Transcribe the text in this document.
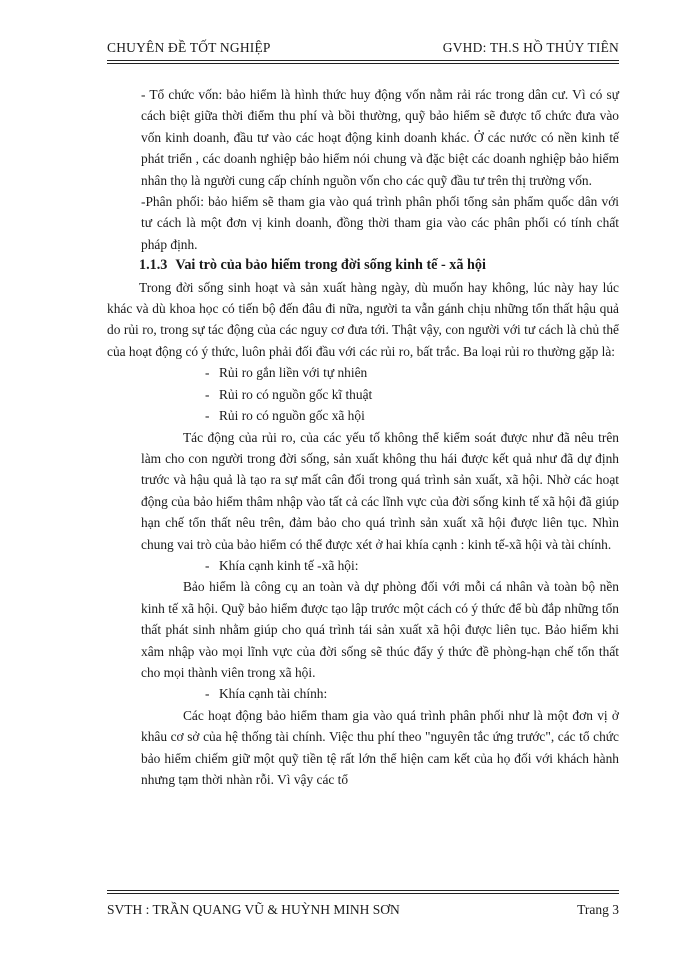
CHUYÊN ĐỀ TỐT NGHIỆP	GVHD: TH.S HỒ THỦY TIÊN

- Tổ chức vốn: bảo hiểm là hình thức huy động vốn nằm rải rác trong dân cư. Vì có sự cách biệt giữa thời điểm thu phí và bồi thường, quỹ bảo hiểm sẽ được tổ chức đưa vào vốn kinh doanh, đầu tư vào các hoạt động kinh doanh khác. Ở các nước có nền kinh tế phát triển , các doanh nghiệp bảo hiểm nói chung và đặc biệt các doanh nghiệp bảo hiểm nhân thọ là người cung cấp chính nguồn vốn cho các quỹ đầu tư trên thị trường vốn.

-Phân phối: bảo hiểm sẽ tham gia vào quá trình phân phối tổng sản phẩm quốc dân với tư cách là một đơn vị kinh doanh, đồng thời tham gia vào các phân phối có tính chất pháp định.

1.1.3 Vai trò của bảo hiểm trong đời sống kinh tế - xã hội

Trong đời sống sinh hoạt và sản xuất hàng ngày, dù muốn hay không, lúc này hay lúc khác và dù khoa học có tiến bộ đến đâu đi nữa, người ta vẫn gánh chịu những tổn thất hậu quả do rủi ro, trong sự tác động của các nguy cơ đưa tới. Thật vậy, con người với tư cách là chủ thể của hoạt động có ý thức, luôn phải đối đầu với các rủi ro, bất trắc. Ba loại rủi ro thường gặp là:

- Rủi ro gắn liền với tự nhiên
- Rủi ro có nguồn gốc kĩ thuật
- Rủi ro có nguồn gốc xã hội

Tác động của rủi ro, của các yếu tố không thể kiểm soát được như đã nêu trên làm cho con người trong đời sống, sản xuất không thu hái được kết quả như đã dự định trước và hậu quả là tạo ra sự mất cân đối trong quá trình sản xuất, xã hội. Nhờ các hoạt động của bảo hiểm thâm nhập vào tất cả các lĩnh vực của đời sống kinh tế xã hội đã giúp hạn chế tổn thất nêu trên, đảm bảo cho quá trình sản xuất xã hội được liên tục. Nhìn chung vai trò của bảo hiểm có thể được xét ở hai khía cạnh : kinh tế-xã hội và tài chính.

- Khía cạnh kinh tế -xã hội:

Bảo hiểm là công cụ an toàn và dự phòng đối với mỗi cá nhân và toàn bộ nền kinh tế xã hội. Quỹ bảo hiểm được tạo lập trước một cách có ý thức để bù đắp những tổn thất phát sinh nhằm giúp cho quá trình tái sản xuất xã hội được liên tục. Bảo hiểm khi xâm nhập vào mọi lĩnh vực của đời sống sẽ thúc đẩy ý thức đề phòng-hạn chế tổn thất cho mọi thành viên trong xã hội.

- Khía cạnh tài chính:

Các hoạt động bảo hiểm tham gia vào quá trình phân phối như là một đơn vị ở khâu cơ sở của hệ thống tài chính. Việc thu phí theo "nguyên tắc ứng trước", các tổ chức bảo hiểm chiếm giữ một quỹ tiền tệ rất lớn thể hiện cam kết của họ đối với khách hành nhưng tạm thời nhàn rỗi. Vì vậy các tổ

SVTH : TRẦN QUANG VŨ & HUỲNH MINH SƠN	Trang 3
